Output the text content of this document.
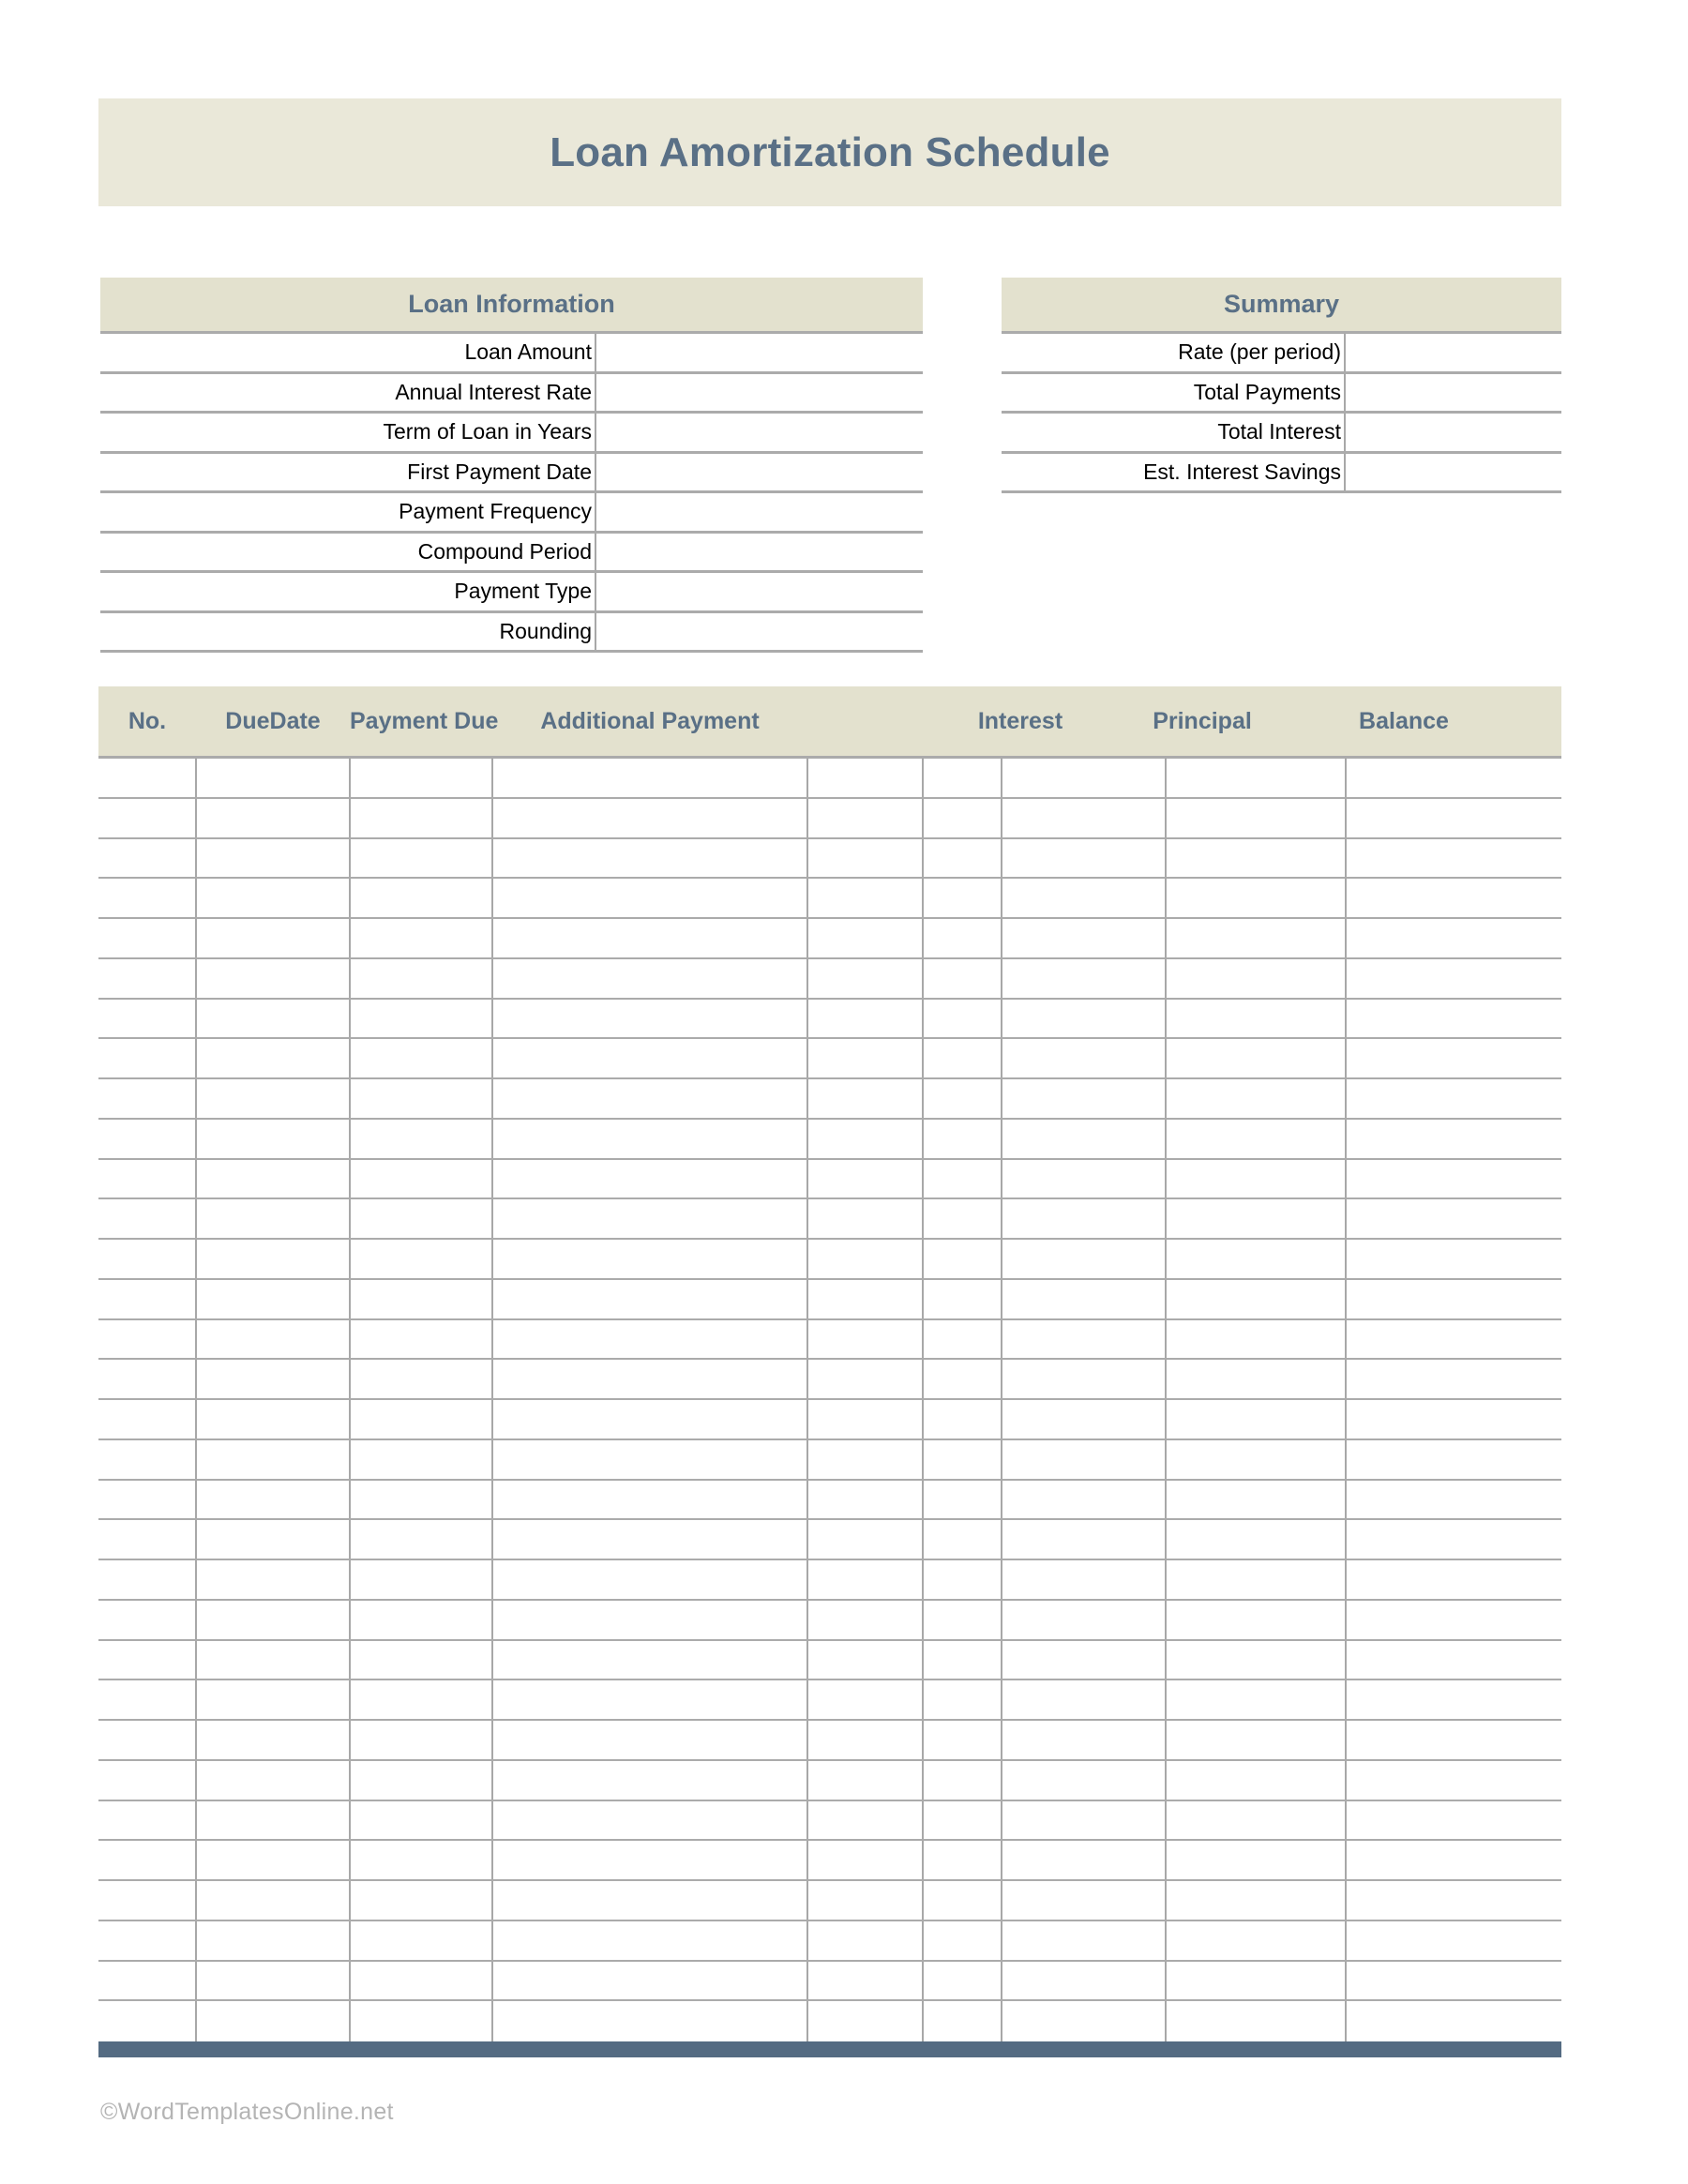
Loan Amortization Schedule
Loan Information
Loan Amount
Annual Interest Rate
Term of Loan in Years
First Payment Date
Payment Frequency
Compound Period
Payment Type
Rounding
Summary
Rate (per period)
Total Payments
Total Interest
Est. Interest Savings
No.	DueDate	Payment Due	Additional Payment	Interest	Principal	Balance
©WordTemplatesOnline.net
